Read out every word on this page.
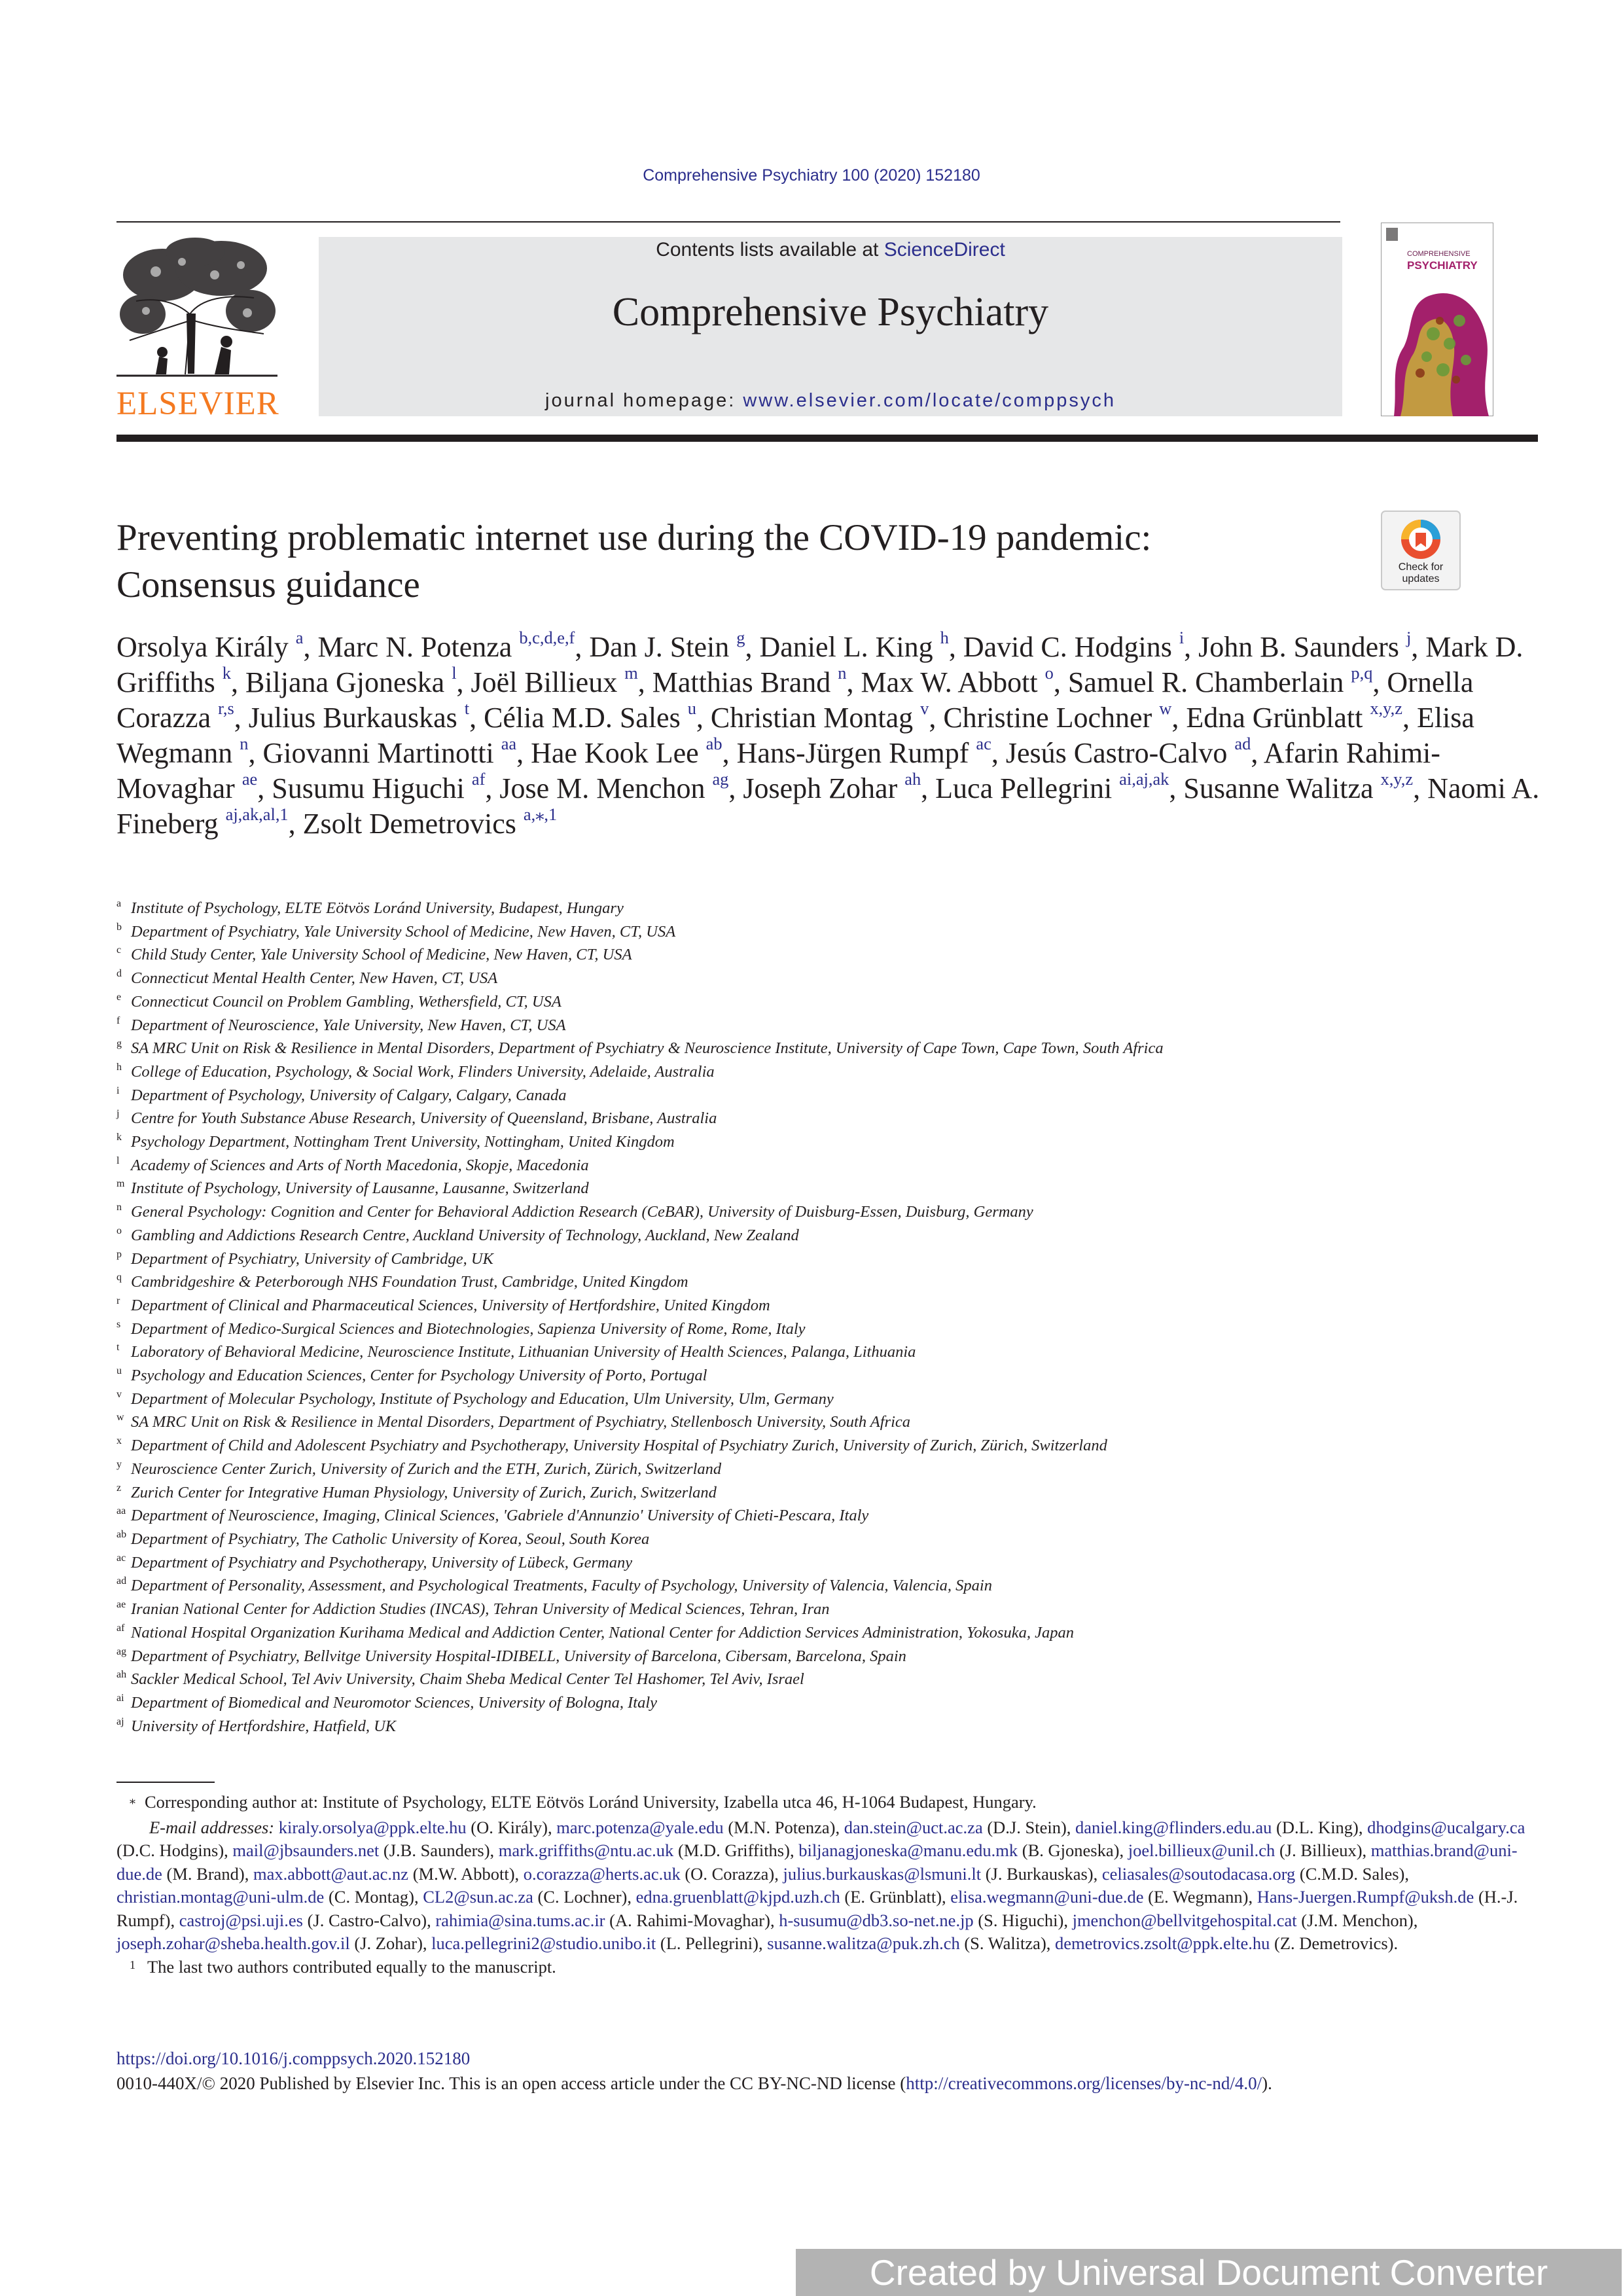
Comprehensive Psychiatry 100 (2020) 152180
ELSEVIER
Contents lists available at ScienceDirect
Comprehensive Psychiatry
journal homepage: www.elsevier.com/locate/comppsych
COMPREHENSIVE
PSYCHIATRY
Preventing problematic internet use during the COVID-19 pandemic:
Consensus guidance	Check for
updates
Orsolya Király $^a$, Marc N. Potenza $^{b,c,d,e,f}$, Dan J. Stein $^g$, Daniel L. King $^h$, David C. Hodgins $^i$, John B. Saunders $^j$, Mark D. Griffiths $^k$, Biljana Gjoneska $^l$, Joël Billieux $^m$, Matthias Brand $^n$, Max W. Abbott $^o$, Samuel R. Chamberlain $^{p,q}$, Ornella Corazza $^{r,s}$, Julius Burkauskas $^t$, Célia M.D. Sales $^u$, Christian Montag $^v$, Christine Lochner $^w$, Edna Grünblatt $^{x,y,z}$, Elisa Wegmann $^n$, Giovanni Martinotti $^{aa}$, Hae Kook Lee $^{ab}$, Hans-Jürgen Rumpf $^{ac}$, Jesús Castro-Calvo $^{ad}$, Afarin Rahimi-Movaghar $^{ae}$, Susumu Higuchi $^{af}$, Jose M. Menchon $^{ag}$, Joseph Zohar $^{ah}$, Luca Pellegrini $^{ai,aj,ak}$, Susanne Walitza $^{x,y,z}$, Naomi A. Fineberg $^{aj,ak,al,1}$, Zsolt Demetrovics $^{a,⁎,1}$
a Institute of Psychology, ELTE Eötvös Loránd University, Budapest, Hungary
b Department of Psychiatry, Yale University School of Medicine, New Haven, CT, USA
c Child Study Center, Yale University School of Medicine, New Haven, CT, USA
d Connecticut Mental Health Center, New Haven, CT, USA
e Connecticut Council on Problem Gambling, Wethersfield, CT, USA
f Department of Neuroscience, Yale University, New Haven, CT, USA
g SA MRC Unit on Risk & Resilience in Mental Disorders, Department of Psychiatry & Neuroscience Institute, University of Cape Town, Cape Town, South Africa
h College of Education, Psychology, & Social Work, Flinders University, Adelaide, Australia
i Department of Psychology, University of Calgary, Calgary, Canada
j Centre for Youth Substance Abuse Research, University of Queensland, Brisbane, Australia
k Psychology Department, Nottingham Trent University, Nottingham, United Kingdom
l Academy of Sciences and Arts of North Macedonia, Skopje, Macedonia
m Institute of Psychology, University of Lausanne, Lausanne, Switzerland
n General Psychology: Cognition and Center for Behavioral Addiction Research (CeBAR), University of Duisburg-Essen, Duisburg, Germany
o Gambling and Addictions Research Centre, Auckland University of Technology, Auckland, New Zealand
p Department of Psychiatry, University of Cambridge, UK
q Cambridgeshire & Peterborough NHS Foundation Trust, Cambridge, United Kingdom
r Department of Clinical and Pharmaceutical Sciences, University of Hertfordshire, United Kingdom
s Department of Medico-Surgical Sciences and Biotechnologies, Sapienza University of Rome, Rome, Italy
t Laboratory of Behavioral Medicine, Neuroscience Institute, Lithuanian University of Health Sciences, Palanga, Lithuania
u Psychology and Education Sciences, Center for Psychology University of Porto, Portugal
v Department of Molecular Psychology, Institute of Psychology and Education, Ulm University, Ulm, Germany
w SA MRC Unit on Risk & Resilience in Mental Disorders, Department of Psychiatry, Stellenbosch University, South Africa
x Department of Child and Adolescent Psychiatry and Psychotherapy, University Hospital of Psychiatry Zurich, University of Zurich, Zürich, Switzerland
y Neuroscience Center Zurich, University of Zurich and the ETH, Zurich, Zürich, Switzerland
z Zurich Center for Integrative Human Physiology, University of Zurich, Zurich, Switzerland
aa Department of Neuroscience, Imaging, Clinical Sciences, 'Gabriele d'Annunzio' University of Chieti-Pescara, Italy
ab Department of Psychiatry, The Catholic University of Korea, Seoul, South Korea
ac Department of Psychiatry and Psychotherapy, University of Lübeck, Germany
ad Department of Personality, Assessment, and Psychological Treatments, Faculty of Psychology, University of Valencia, Valencia, Spain
ae Iranian National Center for Addiction Studies (INCAS), Tehran University of Medical Sciences, Tehran, Iran
af National Hospital Organization Kurihama Medical and Addiction Center, National Center for Addiction Services Administration, Yokosuka, Japan
ag Department of Psychiatry, Bellvitge University Hospital-IDIBELL, University of Barcelona, Cibersam, Barcelona, Spain
ah Sackler Medical School, Tel Aviv University, Chaim Sheba Medical Center Tel Hashomer, Tel Aviv, Israel
ai Department of Biomedical and Neuromotor Sciences, University of Bologna, Italy
aj University of Hertfordshire, Hatfield, UK

⁎ Corresponding author at: Institute of Psychology, ELTE Eötvös Loránd University, Izabella utca 46, H-1064 Budapest, Hungary.

E-mail addresses: kiraly.orsolya@ppk.elte.hu (O. Király), marc.potenza@yale.edu (M.N. Potenza), dan.stein@uct.ac.za (D.J. Stein), daniel.king@flinders.edu.au (D.L. King), dhodgins@ucalgary.ca (D.C. Hodgins), mail@jbsaunders.net (J.B. Saunders), mark.griffiths@ntu.ac.uk (M.D. Griffiths), biljanagjoneska@manu.edu.mk (B. Gjoneska), joel.billieux@unil.ch (J. Billieux), matthias.brand@uni-due.de (M. Brand), max.abbott@aut.ac.nz (M.W. Abbott), o.corazza@herts.ac.uk (O. Corazza), julius.burkauskas@lsmuni.lt (J. Burkauskas), celiasales@soutodacasa.org (C.M.D. Sales), christian.montag@uni-ulm.de (C. Montag), CL2@sun.ac.za (C. Lochner), edna.gruenblatt@kjpd.uzh.ch (E. Grünblatt), elisa.wegmann@uni-due.de (E. Wegmann), Hans-Juergen.Rumpf@uksh.de (H.-J. Rumpf), castroj@psi.uji.es (J. Castro-Calvo), rahimia@sina.tums.ac.ir (A. Rahimi-Movaghar), h-susumu@db3.so-net.ne.jp (S. Higuchi), jmenchon@bellvitgehospital.cat (J.M. Menchon), joseph.zohar@sheba.health.gov.il (J. Zohar), luca.pellegrini2@studio.unibo.it (L. Pellegrini), susanne.walitza@puk.zh.ch (S. Walitza), demetrovics.zsolt@ppk.elte.hu (Z. Demetrovics).

$^1$ The last two authors contributed equally to the manuscript.

https://doi.org/10.1016/j.comppsych.2020.152180
0010-440X/© 2020 Published by Elsevier Inc. This is an open access article under the CC BY-NC-ND license (http://creativecommons.org/licenses/by-nc-nd/4.0/).
Created by Universal Document Converter
